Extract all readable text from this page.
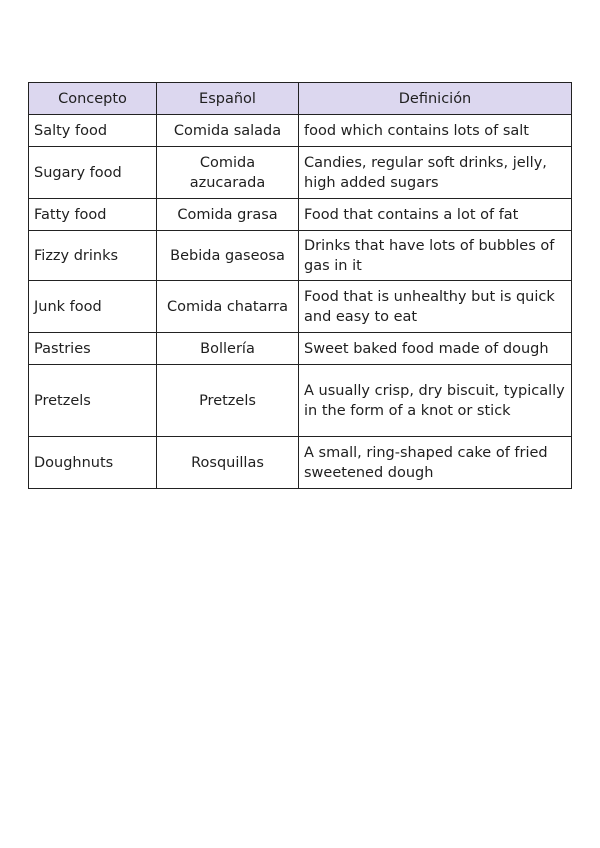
Concepto	Español	Definición
Salty food	Comida salada	food which contains lots of salt
Sugary food	Comida azucarada	Candies, regular soft drinks, jelly, high added sugars
Fatty food	Comida grasa	Food that contains a lot of fat
Fizzy drinks	Bebida gaseosa	Drinks that have lots of bubbles of gas in it
Junk food	Comida chatarra	Food that is unhealthy but is quick and easy to eat
Pastries	Bollería	Sweet baked food made of dough
Pretzels	Pretzels	A usually crisp, dry biscuit, typically in the form of a knot or stick
Doughnuts	Rosquillas	A small, ring-shaped cake of fried sweetened dough
